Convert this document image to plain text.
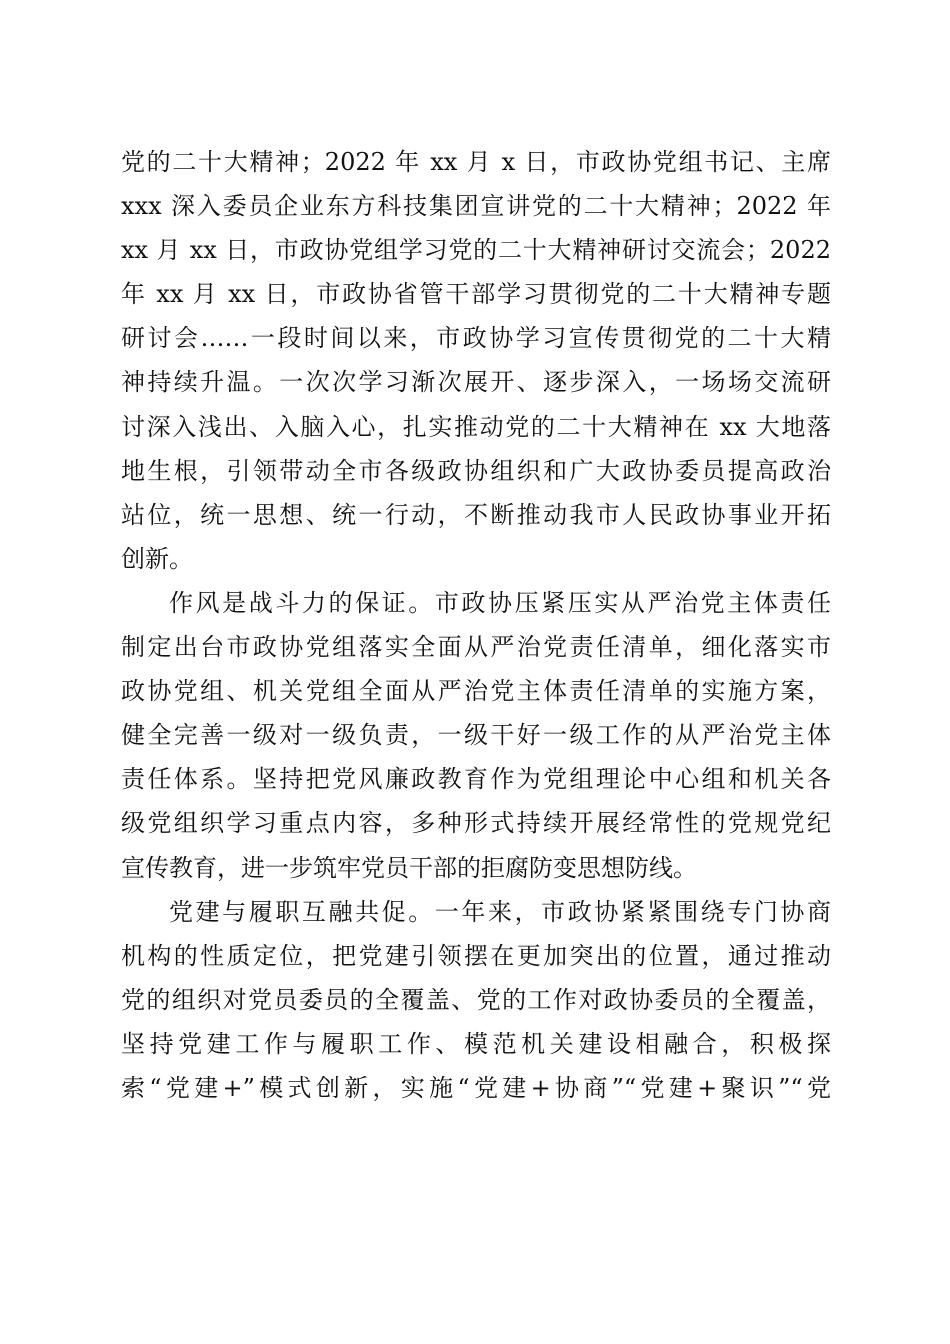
党的二十大精神；2022 年 xx 月 x 日，市政协党组书记、主席
xxx 深入委员企业东方科技集团宣讲党的二十大精神；2022 年
xx 月 xx 日，市政协党组学习党的二十大精神研讨交流会；2022
年 xx 月 xx 日，市政协省管干部学习贯彻党的二十大精神专题
研讨会……一段时间以来，市政协学习宣传贯彻党的二十大精
神持续升温。一次次学习渐次展开、逐步深入，一场场交流研
讨深入浅出、入脑入心，扎实推动党的二十大精神在 xx 大地落
地生根，引领带动全市各级政协组织和广大政协委员提高政治
站位，统一思想、统一行动，不断推动我市人民政协事业开拓
创新。
作风是战斗力的保证。市政协压紧压实从严治党主体责任
制定出台市政协党组落实全面从严治党责任清单，细化落实市
政协党组、机关党组全面从严治党主体责任清单的实施方案，
健全完善一级对一级负责，一级干好一级工作的从严治党主体
责任体系。坚持把党风廉政教育作为党组理论中心组和机关各
级党组织学习重点内容，多种形式持续开展经常性的党规党纪
宣传教育，进一步筑牢党员干部的拒腐防变思想防线。
党建与履职互融共促。一年来，市政协紧紧围绕专门协商
机构的性质定位，把党建引领摆在更加突出的位置，通过推动
党的组织对党员委员的全覆盖、党的工作对政协委员的全覆盖，
坚持党建工作与履职工作、模范机关建设相融合，积极探
索“党建+”模式创新，实施“党建+协商”“党建+聚识”“党
